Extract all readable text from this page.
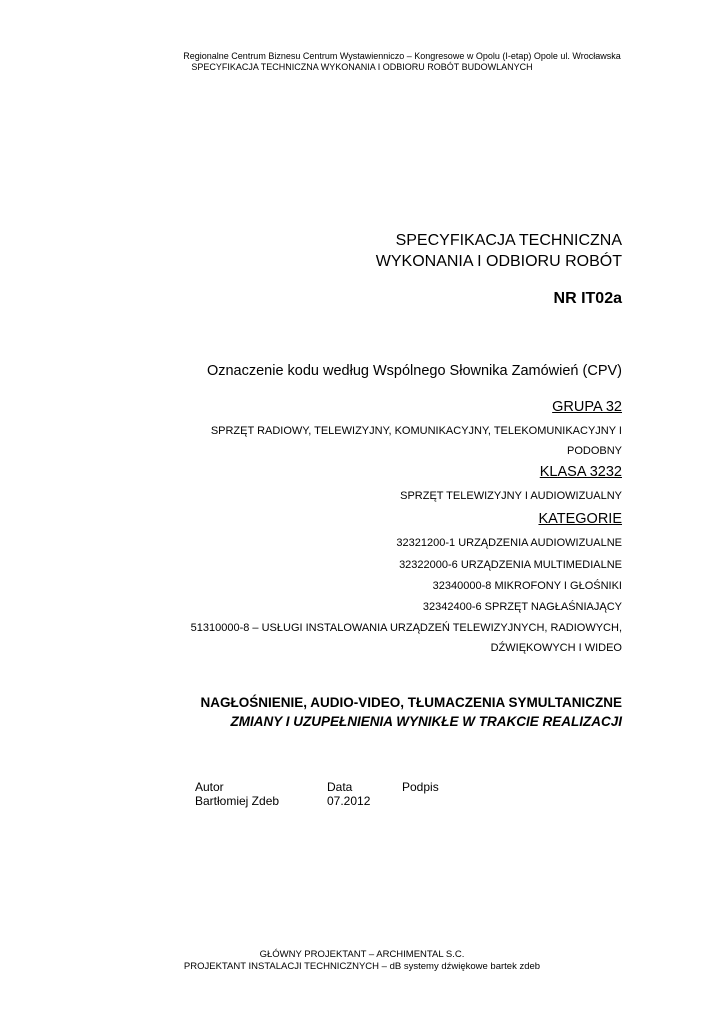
Regionalne Centrum Biznesu Centrum Wystawienniczo – Kongresowe w Opolu (I-etap) Opole ul. Wrocławska
SPECYFIKACJA TECHNICZNA WYKONANIA I ODBIORU ROBÓT BUDOWLANYCH
SPECYFIKACJA TECHNICZNA
WYKONANIA I ODBIORU ROBÓT
NR IT02a
Oznaczenie kodu według Wspólnego Słownika Zamówień (CPV)
GRUPA 32
SPRZĘT RADIOWY, TELEWIZYJNY, KOMUNIKACYJNY, TELEKOMUNIKACYJNY I
PODOBNY
KLASA 3232
SPRZĘT TELEWIZYJNY I AUDIOWIZUALNY
KATEGORIE
32321200-1 URZĄDZENIA AUDIOWIZUALNE
32322000-6 URZĄDZENIA MULTIMEDIALNE
32340000-8 MIKROFONY I GŁOŚNIKI
32342400-6 SPRZĘT NAGŁAŚNIAJĄCY
51310000-8 – USŁUGI INSTALOWANIA URZĄDZEŃ TELEWIZYJNYCH, RADIOWYCH,
DŹWIĘKOWYCH I WIDEO
NAGŁOŚNIENIE, AUDIO-VIDEO, TŁUMACZENIA SYMULTANICZNE
ZMIANY I UZUPEŁNIENIA WYNIKŁE W TRAKCIE REALIZACJI
Autor	Data	Podpis
Bartłomiej Zdeb	07.2012
GŁÓWNY PROJEKTANT – ARCHIMENTAL S.C.
PROJEKTANT INSTALACJI TECHNICZNYCH – dB systemy dźwiękowe bartek zdeb
